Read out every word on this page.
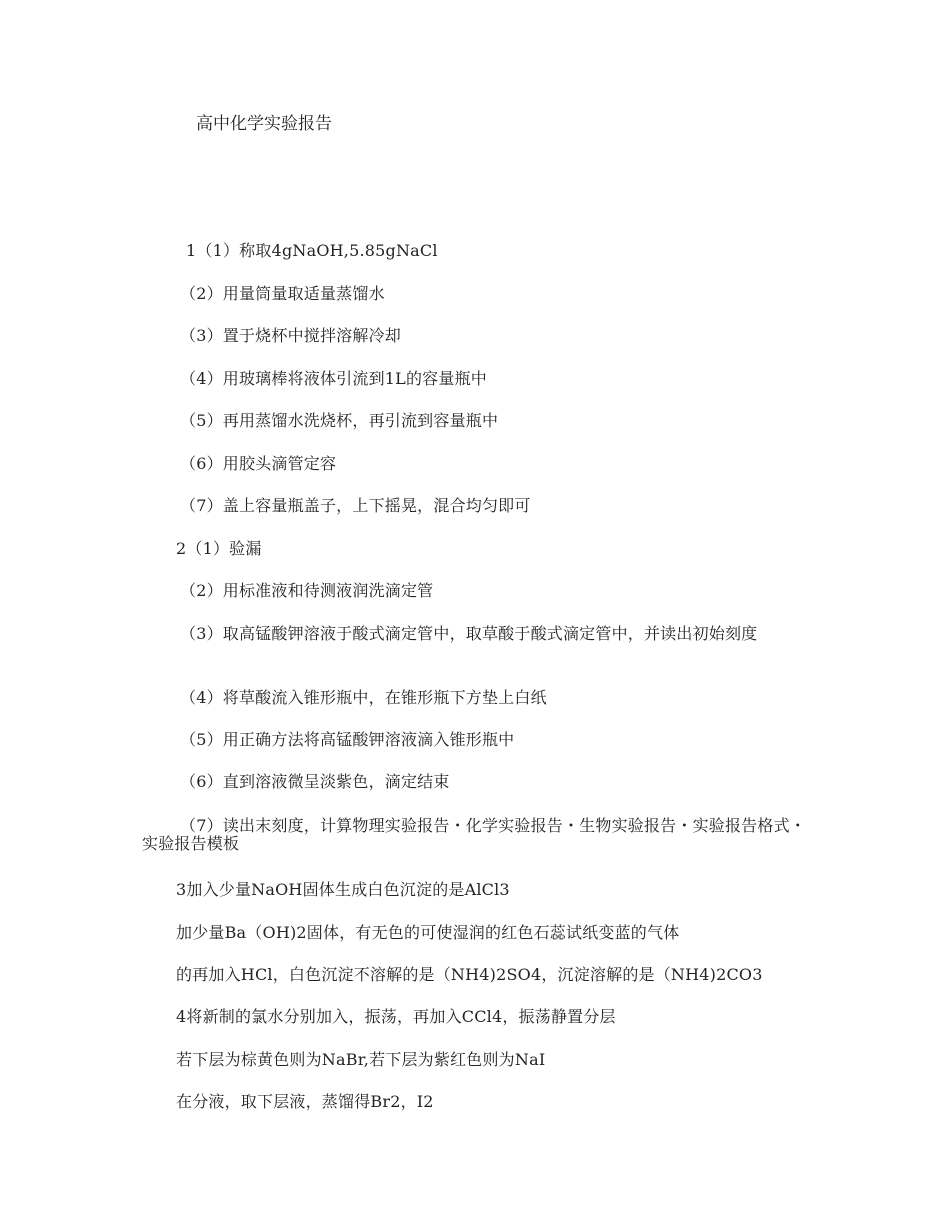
高中化学实验报告

1（1）称取4gNaOH,5.85gNaCl

（2）用量筒量取适量蒸馏水

（3）置于烧杯中搅拌溶解冷却

（4）用玻璃棒将液体引流到1L的容量瓶中

（5）再用蒸馏水洗烧杯，再引流到容量瓶中

（6）用胶头滴管定容

（7）盖上容量瓶盖子，上下摇晃，混合均匀即可

2（1）验漏

（2）用标准液和待测液润洗滴定管

（3）取高锰酸钾溶液于酸式滴定管中，取草酸于酸式滴定管中，并读出初始刻度

（4）将草酸流入锥形瓶中，在锥形瓶下方垫上白纸

（5）用正确方法将高锰酸钾溶液滴入锥形瓶中

（6）直到溶液微呈淡紫色，滴定结束

（7）读出末刻度，计算物理实验报告・化学实验报告・生物实验报告・实验报告格式・实验报告模板

3加入少量NaOH固体生成白色沉淀的是AlCl3

加少量Ba（OH)2固体，有无色的可使湿润的红色石蕊试纸变蓝的气体

的再加入HCl，白色沉淀不溶解的是（NH4)2SO4，沉淀溶解的是（NH4)2CO3

4将新制的氯水分别加入，振荡，再加入CCl4，振荡静置分层

若下层为棕黄色则为NaBr,若下层为紫红色则为NaI

在分液，取下层液，蒸馏得Br2，I2
